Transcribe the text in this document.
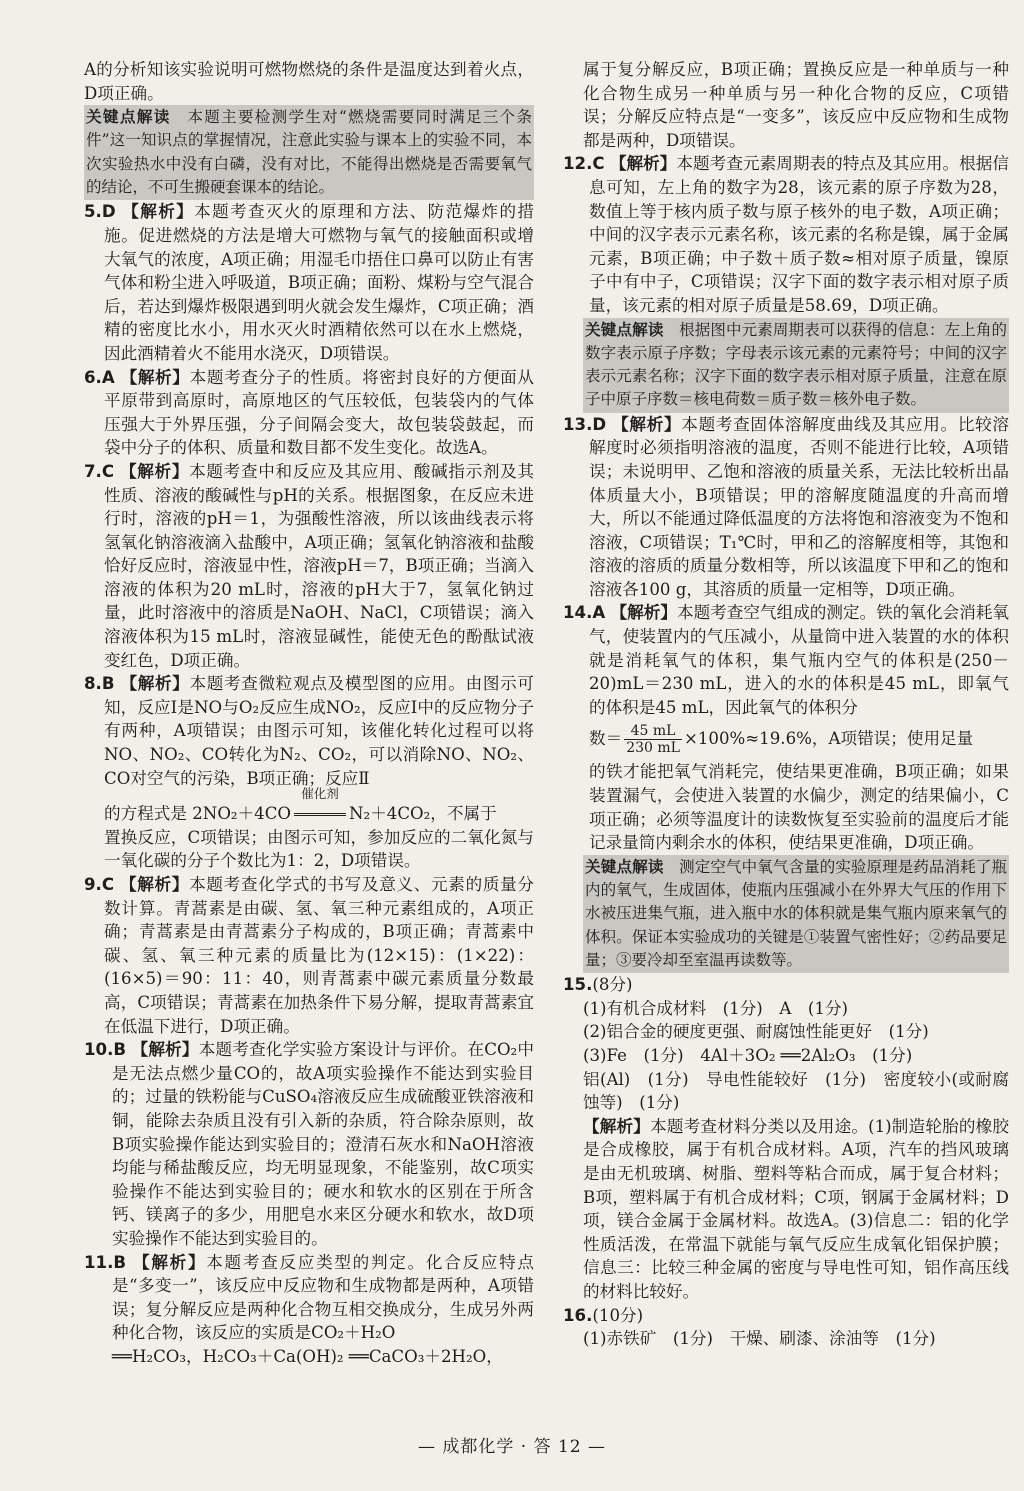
A的分析知该实验说明可燃物燃烧的条件是温度达到着火点，D项正确。

关键点解读　 本题主要检测学生对“燃烧需要同时满足三个条件”这一知识点的掌握情况，注意此实验与课本上的实验不同，本次实验热水中没有白磷，没有对比，不能得出燃烧是否需要氧气的结论，不可生搬硬套课本的结论。

5.D 【解析】本题考查灭火的原理和方法、防范爆炸的措施。促进燃烧的方法是增大可燃物与氧气的接触面积或增大氧气的浓度，A项正确；用湿毛巾捂住口鼻可以防止有害气体和粉尘进入呼吸道，B项正确；面粉、煤粉与空气混合后，若达到爆炸极限遇到明火就会发生爆炸，C项正确；酒精的密度比水小，用水灭火时酒精依然可以在水上燃烧，因此酒精着火不能用水浇灭，D项错误。

6.A 【解析】本题考查分子的性质。将密封良好的方便面从平原带到高原时，高原地区的气压较低，包装袋内的气体压强大于外界压强，分子间隔会变大，故包装袋鼓起，而袋中分子的体积、质量和数目都不发生变化。故选A。

7.C 【解析】本题考查中和反应及其应用、酸碱指示剂及其性质、溶液的酸碱性与pH的关系。根据图象，在反应未进行时，溶液的pH＝1，为强酸性溶液，所以该曲线表示将氢氧化钠溶液滴入盐酸中，A项正确；氢氧化钠溶液和盐酸恰好反应时，溶液显中性，溶液pH＝7，B项正确；当滴入溶液的体积为20 mL时，溶液的pH大于7，氢氧化钠过量，此时溶液中的溶质是NaOH、NaCl，C项错误；滴入溶液体积为15 mL时，溶液显碱性，能使无色的酚酞试液变红色，D项正确。

8.B 【解析】本题考查微粒观点及模型图的应用。由图示可知，反应Ⅰ是NO与O₂反应生成NO₂，反应Ⅰ中的反应物分子有两种，A项错误；由图示可知，该催化转化过程可以将NO、NO₂、CO转化为N₂、CO₂，可以消除NO、NO₂、CO对空气的污染，B项正确；反应Ⅱ

的方程式是 2NO₂＋4CO
催化剂
N₂＋4CO₂，不属于

置换反应，C项错误；由图示可知，参加反应的二氧化氮与一氧化碳的分子个数比为1：2，D项错误。

9.C 【解析】本题考查化学式的书写及意义、元素的质量分数计算。青蒿素是由碳、氢、氧三种元素组成的，A项正确；青蒿素是由青蒿素分子构成的，B项正确；青蒿素中碳、氢、氧三种元素的质量比为(12×15)：(1×22)：(16×5)＝90：11：40，则青蒿素中碳元素质量分数最高，C项错误；青蒿素在加热条件下易分解，提取青蒿素宜在低温下进行，D项正确。

10.B 【解析】本题考查化学实验方案设计与评价。在CO₂中是无法点燃少量CO的，故A项实验操作不能达到实验目的；过量的铁粉能与CuSO₄溶液反应生成硫酸亚铁溶液和铜，能除去杂质且没有引入新的杂质，符合除杂原则，故B项实验操作能达到实验目的；澄清石灰水和NaOH溶液均能与稀盐酸反应，均无明显现象，不能鉴别，故C项实验操作不能达到实验目的；硬水和软水的区别在于所含钙、镁离子的多少，用肥皂水来区分硬水和软水，故D项实验操作不能达到实验目的。

11.B 【解析】本题考查反应类型的判定。化合反应特点是“多变一”，该反应中反应物和生成物都是两种，A项错误；复分解反应是两种化合物互相交换成分，生成另外两种化合物，该反应的实质是CO₂＋H₂O

══H₂CO₃，H₂CO₃＋Ca(OH)₂ ══CaCO₃＋2H₂O，

属于复分解反应，B项正确；置换反应是一种单质与一种化合物生成另一种单质与另一种化合物的反应，C项错误；分解反应特点是“一变多”，该反应中反应物和生成物都是两种，D项错误。

12.C 【解析】本题考查元素周期表的特点及其应用。根据信息可知，左上角的数字为28，该元素的原子序数为28，数值上等于核内质子数与原子核外的电子数，A项正确；中间的汉字表示元素名称，该元素的名称是镍，属于金属元素，B项正确；中子数＋质子数≈相对原子质量，镍原子中有中子，C项错误；汉字下面的数字表示相对原子质量，该元素的相对原子质量是58.69，D项正确。

关键点解读　 根据图中元素周期表可以获得的信息：左上角的数字表示原子序数；字母表示该元素的元素符号；中间的汉字表示元素名称；汉字下面的数字表示相对原子质量，注意在原子中原子序数＝核电荷数＝质子数＝核外电子数。

13.D 【解析】本题考查固体溶解度曲线及其应用。比较溶解度时必须指明溶液的温度，否则不能进行比较，A项错误；未说明甲、乙饱和溶液的质量关系，无法比较析出晶体质量大小，B项错误；甲的溶解度随温度的升高而增大，所以不能通过降低温度的方法将饱和溶液变为不饱和溶液，C项错误；T₁℃时，甲和乙的溶解度相等，其饱和溶液的溶质的质量分数相等，所以该温度下甲和乙的饱和溶液各100 g，其溶质的质量一定相等，D项正确。

14.A 【解析】本题考查空气组成的测定。铁的氧化会消耗氧气，使装置内的气压减小，从量筒中进入装置的水的体积就是消耗氧气的体积，集气瓶内空气的体积是(250－20)mL＝230 mL，进入的水的体积是45 mL，即氧气的体积是45 mL，因此氧气的体积分

数＝ $\frac{45 mL}{230 mL} \times 100\%\approx 19.6\%$，A项错误；使用足量

的铁才能把氧气消耗完，使结果更准确，B项正确；如果装置漏气，会使进入装置的水偏少，测定的结果偏小，C项正确；必须等温度计的读数恢复至实验前的温度后才能记录量筒内剩余水的体积，使结果更准确，D项正确。

关键点解读　 测定空气中氧气含量的实验原理是药品消耗了瓶内的氧气，生成固体，使瓶内压强减小在外界大气压的作用下水被压进集气瓶，进入瓶中水的体积就是集气瓶内原来氧气的体积。保证本实验成功的关键是①装置气密性好；②药品要足量；③要冷却至室温再读数等。

15.(8分)

(1)有机合成材料　(1分)　A　(1分)

(2)铝合金的硬度更强、耐腐蚀性能更好　(1分)

(3)Fe　(1分)　4Al＋3O₂ ══2Al₂O₃　(1分)

铝(Al)　(1分)　导电性能较好　(1分)　密度较小(或耐腐蚀等)　(1分)

【解析】本题考查材料分类以及用途。(1)制造轮胎的橡胶是合成橡胶，属于有机合成材料。A项，汽车的挡风玻璃是由无机玻璃、树脂、塑料等粘合而成，属于复合材料；B项，塑料属于有机合成材料；C项，钢属于金属材料；D项，镁合金属于金属材料。故选A。(3)信息二：铝的化学性质活泼，在常温下就能与氧气反应生成氧化铝保护膜；信息三：比较三种金属的密度与导电性可知，铝作高压线的材料比较好。

16.(10分)

(1)赤铁矿　(1分)　干燥、刷漆、涂油等　(1分)

— 成都化学 · 答 12 —
